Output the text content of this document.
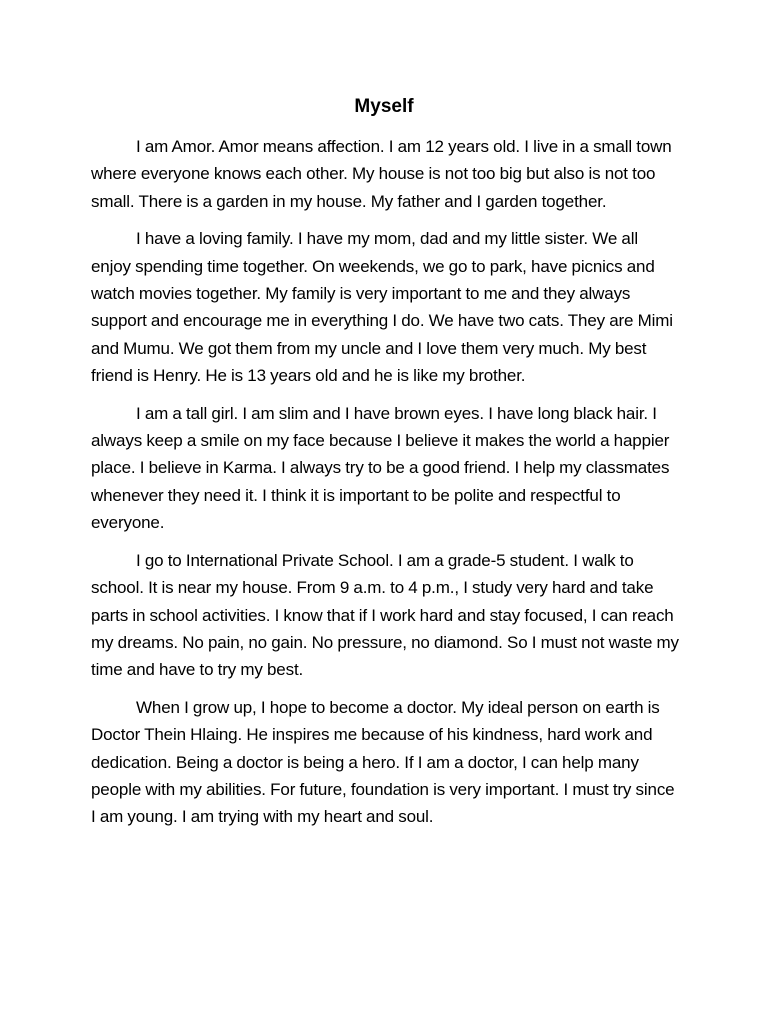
Myself

I am Amor. Amor means affection. I am 12 years old. I live in a small town where everyone knows each other. My house is not too big but also is not too small. There is a garden in my house. My father and I garden together.

I have a loving family. I have my mom, dad and my little sister. We all enjoy spending time together. On weekends, we go to park, have picnics and watch movies together. My family is very important to me and they always support and encourage me in everything I do. We have two cats. They are Mimi and Mumu. We got them from my uncle and I love them very much. My best friend is Henry. He is 13 years old and he is like my brother.

I am a tall girl. I am slim and I have brown eyes. I have long black hair. I always keep a smile on my face because I believe it makes the world a happier place. I believe in Karma. I always try to be a good friend. I help my classmates whenever they need it. I think it is important to be polite and respectful to everyone.

I go to International Private School. I am a grade-5 student. I walk to school. It is near my house. From 9 a.m. to 4 p.m., I study very hard and take parts in school activities. I know that if I work hard and stay focused, I can reach my dreams. No pain, no gain. No pressure, no diamond. So I must not waste my time and have to try my best.

When I grow up, I hope to become a doctor. My ideal person on earth is Doctor Thein Hlaing. He inspires me because of his kindness, hard work and dedication. Being a doctor is being a hero. If I am a doctor, I can help many people with my abilities. For future, foundation is very important. I must try since I am young. I am trying with my heart and soul.
